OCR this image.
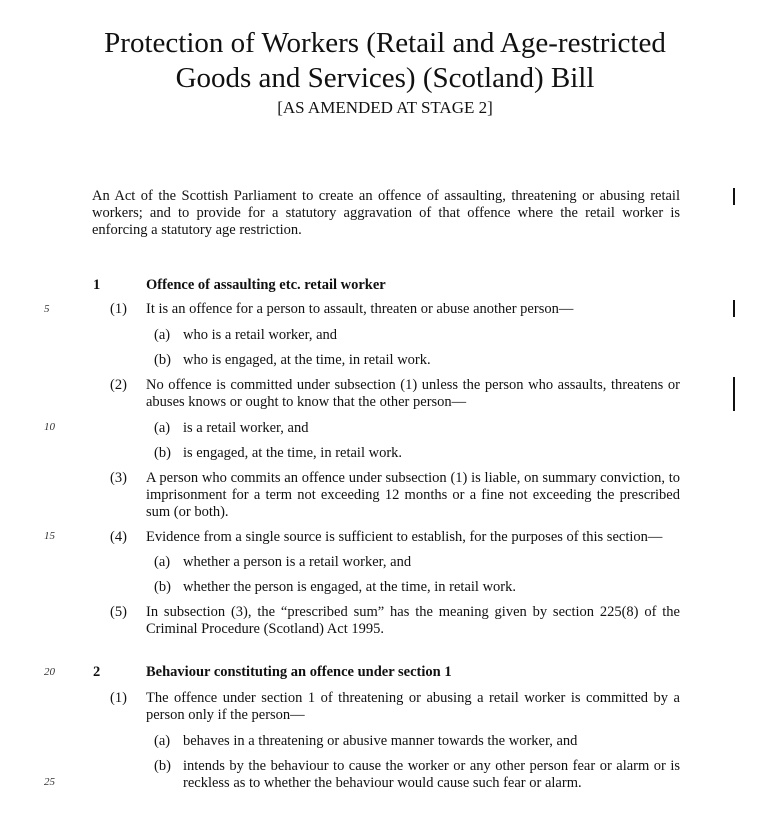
Protection of Workers (Retail and Age-restricted
Goods and Services) (Scotland) Bill
[AS AMENDED AT STAGE 2]
An Act of the Scottish Parliament to create an offence of assaulting, threatening or abusing retail workers; and to provide for a statutory aggravation of that offence where the retail worker is enforcing a statutory age restriction.
5
10
15
20
25
1	Offence of assaulting etc. retail worker
(1) It is an offence for a person to assault, threaten or abuse another person—
(a) who is a retail worker, and
(b) who is engaged, at the time, in retail work.
(2) No offence is committed under subsection (1) unless the person who assaults, threatens or abuses knows or ought to know that the other person—
(a) is a retail worker, and
(b) is engaged, at the time, in retail work.
(3) A person who commits an offence under subsection (1) is liable, on summary conviction, to imprisonment for a term not exceeding 12 months or a fine not exceeding the prescribed sum (or both).
(4) Evidence from a single source is sufficient to establish, for the purposes of this section—
(a) whether a person is a retail worker, and
(b) whether the person is engaged, at the time, in retail work.
(5) In subsection (3), the “prescribed sum” has the meaning given by section 225(8) of the Criminal Procedure (Scotland) Act 1995.
2	Behaviour constituting an offence under section 1
(1) The offence under section 1 of threatening or abusing a retail worker is committed by a person only if the person—
(a) behaves in a threatening or abusive manner towards the worker, and
(b) intends by the behaviour to cause the worker or any other person fear or alarm or is reckless as to whether the behaviour would cause such fear or alarm.
